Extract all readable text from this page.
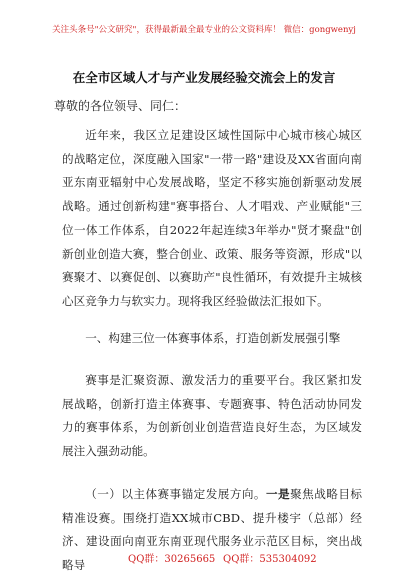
关注头条号"公文研究"，获得最新最全最专业的公文资料库！ 微信：gongwenyj
在全市区域人才与产业发展经验交流会上的发言
尊敬的各位领导、同仁：

近年来，我区立足建设区域性国际中心城市核心城区的战略定位，深度融入国家"一带一路"建设及XX省面向南亚东南亚辐射中心发展战略，坚定不移实施创新驱动发展战略。通过创新构建"赛事搭台、人才唱戏、产业赋能"三位一体工作体系，自2022年起连续3年举办"贤才聚盘"创新创业创造大赛，整合创业、政策、服务等资源，形成"以赛聚才、以赛促创、以赛助产"良性循环，有效提升主城核心区竞争力与软实力。现将我区经验做法汇报如下。

一、构建三位一体赛事体系，打造创新发展强引擎

赛事是汇聚资源、激发活力的重要平台。我区紧扣发展战略，创新打造主体赛事、专题赛事、特色活动协同发力的赛事体系，为创新创业创造营造良好生态，为区域发展注入强劲动能。

（一）以主体赛事锚定发展方向。一是聚焦战略目标精准设赛。围绕打造XX城市CBD、提升楼宇（总部）经济、建设面向南亚东南亚现代服务业示范区目标，突出战略导	QQ群：30265665 QQ群：535304092
